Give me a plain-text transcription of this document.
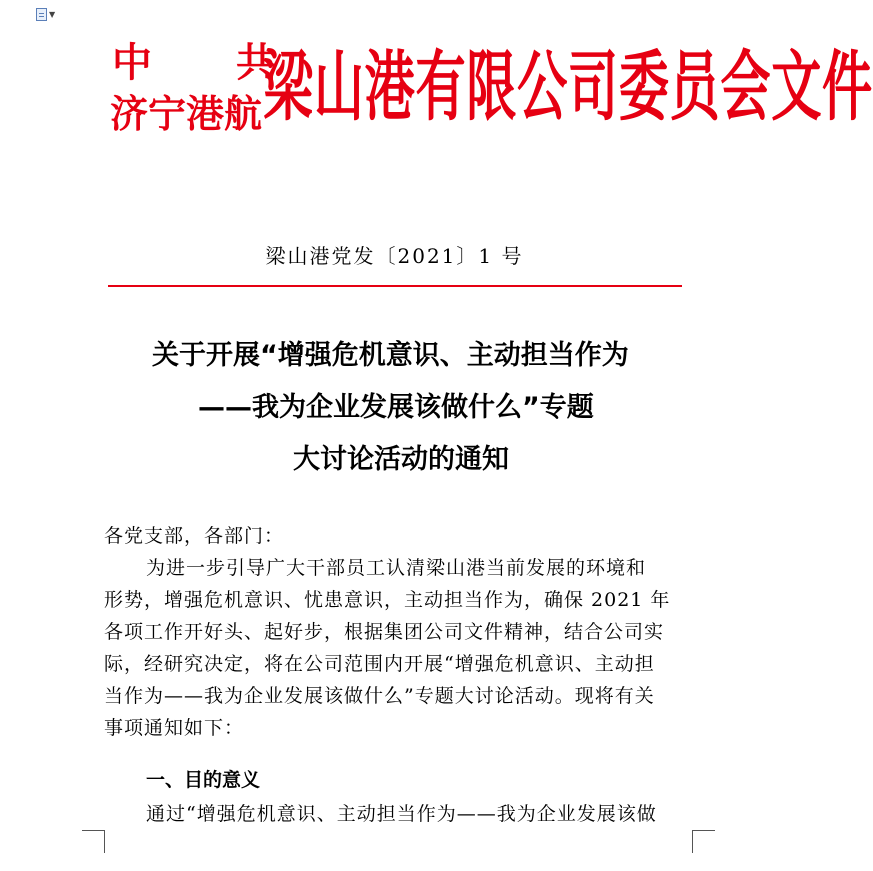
▼
中　共
济宁港航 梁山港有限公司委员会文件
梁山港党发〔2021〕1 号
关于开展“增强危机意识、主动担当作为
——我为企业发展该做什么”专题
大讨论活动的通知
各党支部，各部门：
为进一步引导广大干部员工认清梁山港当前发展的环境和
形势，增强危机意识、忧患意识，主动担当作为，确保 2021 年
各项工作开好头、起好步，根据集团公司文件精神，结合公司实
际，经研究决定，将在公司范围内开展“增强危机意识、主动担
当作为——我为企业发展该做什么”专题大讨论活动。现将有关
事项通知如下：
一、目的意义
通过“增强危机意识、主动担当作为——我为企业发展该做
